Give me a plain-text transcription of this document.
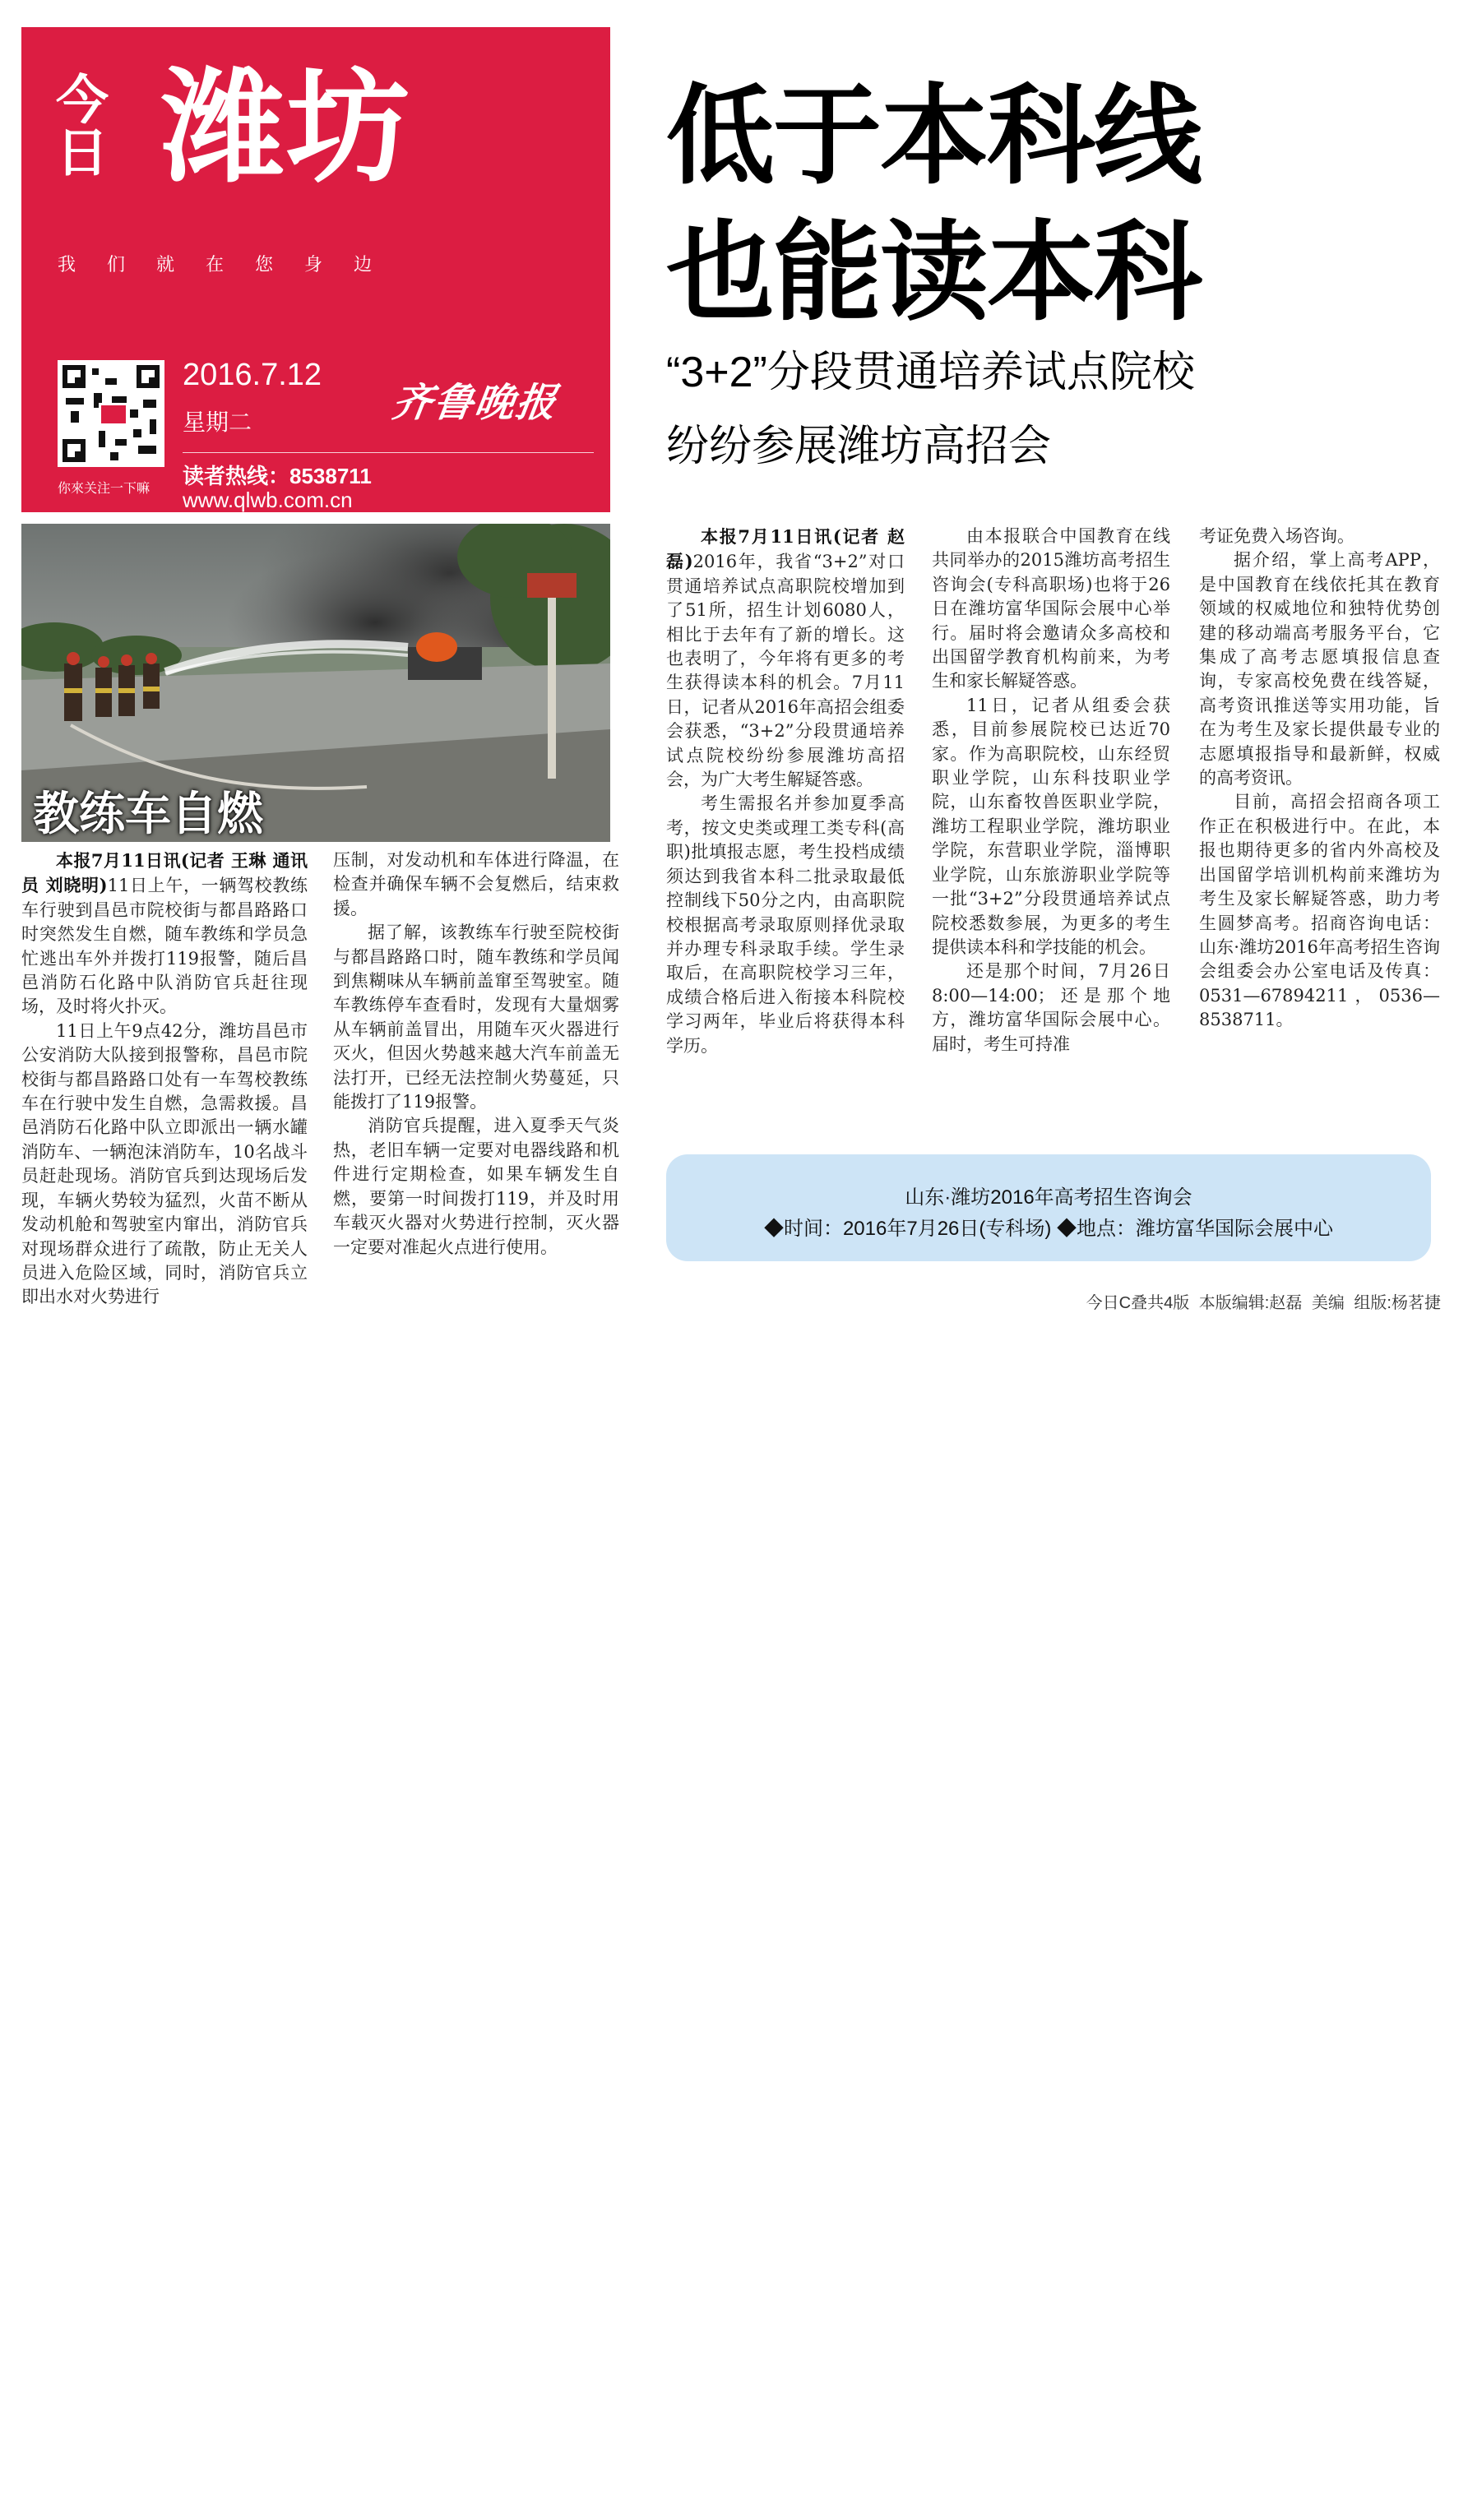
今日 潍坊
我们就在您身边
你來关注一下嘛
2016.7.12
星期二	齐鲁晚报
读者热线：8538711
www.qlwb.com.cn
低于本科线
也能读本科
“3+2”分段贯通培养试点院校
纷纷参展潍坊高招会
教练车自燃

本报7月11日讯(记者 王琳 通讯员 刘晓明)11日上午，一辆驾校教练车行驶到昌邑市院校街与都昌路路口时突然发生自燃，随车教练和学员急忙逃出车外并拨打119报警，随后昌邑消防石化路中队消防官兵赶往现场，及时将火扑灭。

11日上午9点42分，潍坊昌邑市公安消防大队接到报警称，昌邑市院校街与都昌路路口处有一车驾校教练车在行驶中发生自燃，急需救援。昌邑消防石化路中队立即派出一辆水罐消防车、一辆泡沫消防车，10名战斗员赶赴现场。消防官兵到达现场后发现，车辆火势较为猛烈，火苗不断从发动机舱和驾驶室内窜出，消防官兵对现场群众进行了疏散，防止无关人员进入危险区域，同时，消防官兵立即出水对火势进行

压制，对发动机和车体进行降温，在检查并确保车辆不会复燃后，结束救援。

据了解，该教练车行驶至院校街与都昌路路口时，随车教练和学员闻到焦糊味从车辆前盖窜至驾驶室。随车教练停车查看时，发现有大量烟雾从车辆前盖冒出，用随车灭火器进行灭火，但因火势越来越大汽车前盖无法打开，已经无法控制火势蔓延，只能拨打了119报警。

消防官兵提醒，进入夏季天气炎热，老旧车辆一定要对电器线路和机件进行定期检查，如果车辆发生自燃，要第一时间拨打119，并及时用车载灭火器对火势进行控制，灭火器一定要对准起火点进行使用。

本报7月11日讯(记者 赵磊)2016年，我省“3+2”对口贯通培养试点高职院校增加到了51所，招生计划6080人，相比于去年有了新的增长。这也表明了，今年将有更多的考生获得读本科的机会。7月11日，记者从2016年高招会组委会获悉，“3+2”分段贯通培养试点院校纷纷参展潍坊高招会，为广大考生解疑答惑。

考生需报名并参加夏季高考，按文史类或理工类专科(高职)批填报志愿，考生投档成绩须达到我省本科二批录取最低控制线下50分之内，由高职院校根据高考录取原则择优录取并办理专科录取手续。学生录取后，在高职院校学习三年，成绩合格后进入衔接本科院校学习两年，毕业后将获得本科学历。

由本报联合中国教育在线共同举办的2015潍坊高考招生咨询会(专科高职场)也将于26日在潍坊富华国际会展中心举行。届时将会邀请众多高校和出国留学教育机构前来，为考生和家长解疑答惑。

11日，记者从组委会获悉，目前参展院校已达近70家。作为高职院校，山东经贸职业学院，山东科技职业学院，山东畜牧兽医职业学院，潍坊工程职业学院，潍坊职业学院，东营职业学院，淄博职业学院，山东旅游职业学院等一批“3+2”分段贯通培养试点院校悉数参展，为更多的考生提供读本科和学技能的机会。

还是那个时间，7月26日8:00—14:00；还是那个地方，潍坊富华国际会展中心。届时，考生可持准

考证免费入场咨询。

据介绍，掌上高考APP，是中国教育在线依托其在教育领域的权威地位和独特优势创建的移动端高考服务平台，它集成了高考志愿填报信息查询，专家高校免费在线答疑，高考资讯推送等实用功能，旨在为考生及家长提供最专业的志愿填报指导和最新鲜，权威的高考资讯。

目前，高招会招商各项工作正在积极进行中。在此，本报也期待更多的省内外高校及出国留学培训机构前来潍坊为考生及家长解疑答惑，助力考生圆梦高考。招商咨询电话：山东·潍坊2016年高考招生咨询会组委会办公室电话及传真：0531—67894211，0536—8538711。

山东·潍坊2016年高考招生咨询会
◆时间：2016年7月26日(专科场) ◆地点：潍坊富华国际会展中心
今日C叠共4版 本版编辑:赵磊 美编 组版:杨茗捷
